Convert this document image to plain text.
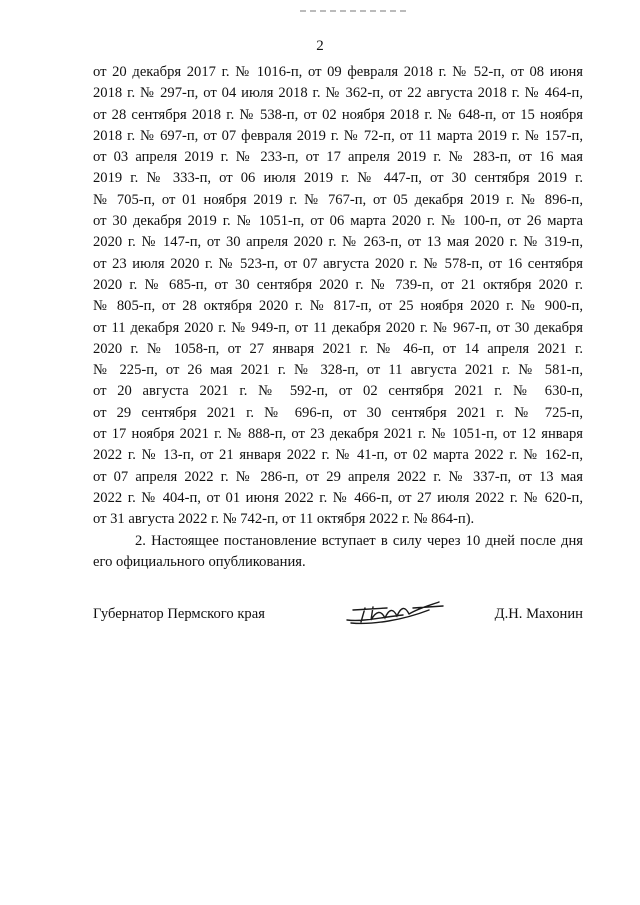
2
от 20 декабря 2017 г. № 1016-п, от 09 февраля 2018 г. № 52-п, от 08 июня
2018 г. № 297-п, от 04 июля 2018 г. № 362-п, от 22 августа 2018 г. № 464-п,
от 28 сентября 2018 г. № 538-п, от 02 ноября 2018 г. № 648-п, от 15 ноября
2018 г. № 697-п, от 07 февраля 2019 г. № 72-п, от 11 марта 2019 г. № 157-п,
от 03 апреля 2019 г. № 233-п, от 17 апреля 2019 г. № 283-п, от 16 мая
2019 г. № 333-п, от 06 июля 2019 г. № 447-п, от 30 сентября 2019 г.
№ 705-п, от 01 ноября 2019 г. № 767-п, от 05 декабря 2019 г. № 896-п,
от 30 декабря 2019 г. № 1051-п, от 06 марта 2020 г. № 100-п, от 26 марта
2020 г. № 147-п, от 30 апреля 2020 г. № 263-п, от 13 мая 2020 г. № 319-п,
от 23 июля 2020 г. № 523-п, от 07 августа 2020 г. № 578-п, от 16 сентября
2020 г. № 685-п, от 30 сентября 2020 г. № 739-п, от 21 октября 2020 г.
№ 805-п, от 28 октября 2020 г. № 817-п, от 25 ноября 2020 г. № 900-п,
от 11 декабря 2020 г. № 949-п, от 11 декабря 2020 г. № 967-п, от 30 декабря
2020 г. № 1058-п, от 27 января 2021 г. № 46-п, от 14 апреля 2021 г.
№ 225-п, от 26 мая 2021 г. № 328-п, от 11 августа 2021 г. № 581-п,
от 20 августа 2021 г. № 592-п, от 02 сентября 2021 г. № 630-п,
от 29 сентября 2021 г. № 696-п, от 30 сентября 2021 г. № 725-п,
от 17 ноября 2021 г. № 888-п, от 23 декабря 2021 г. № 1051-п, от 12 января
2022 г. № 13-п, от 21 января 2022 г. № 41-п, от 02 марта 2022 г. № 162-п,
от 07 апреля 2022 г. № 286-п, от 29 апреля 2022 г. № 337-п, от 13 мая
2022 г. № 404-п, от 01 июня 2022 г. № 466-п, от 27 июля 2022 г. № 620-п,
от 31 августа 2022 г. № 742-п, от 11 октября 2022 г. № 864-п).
2. Настоящее постановление вступает в силу через 10 дней после дня
его официального опубликования.
Губернатор Пермского края	Д.Н. Махонин
